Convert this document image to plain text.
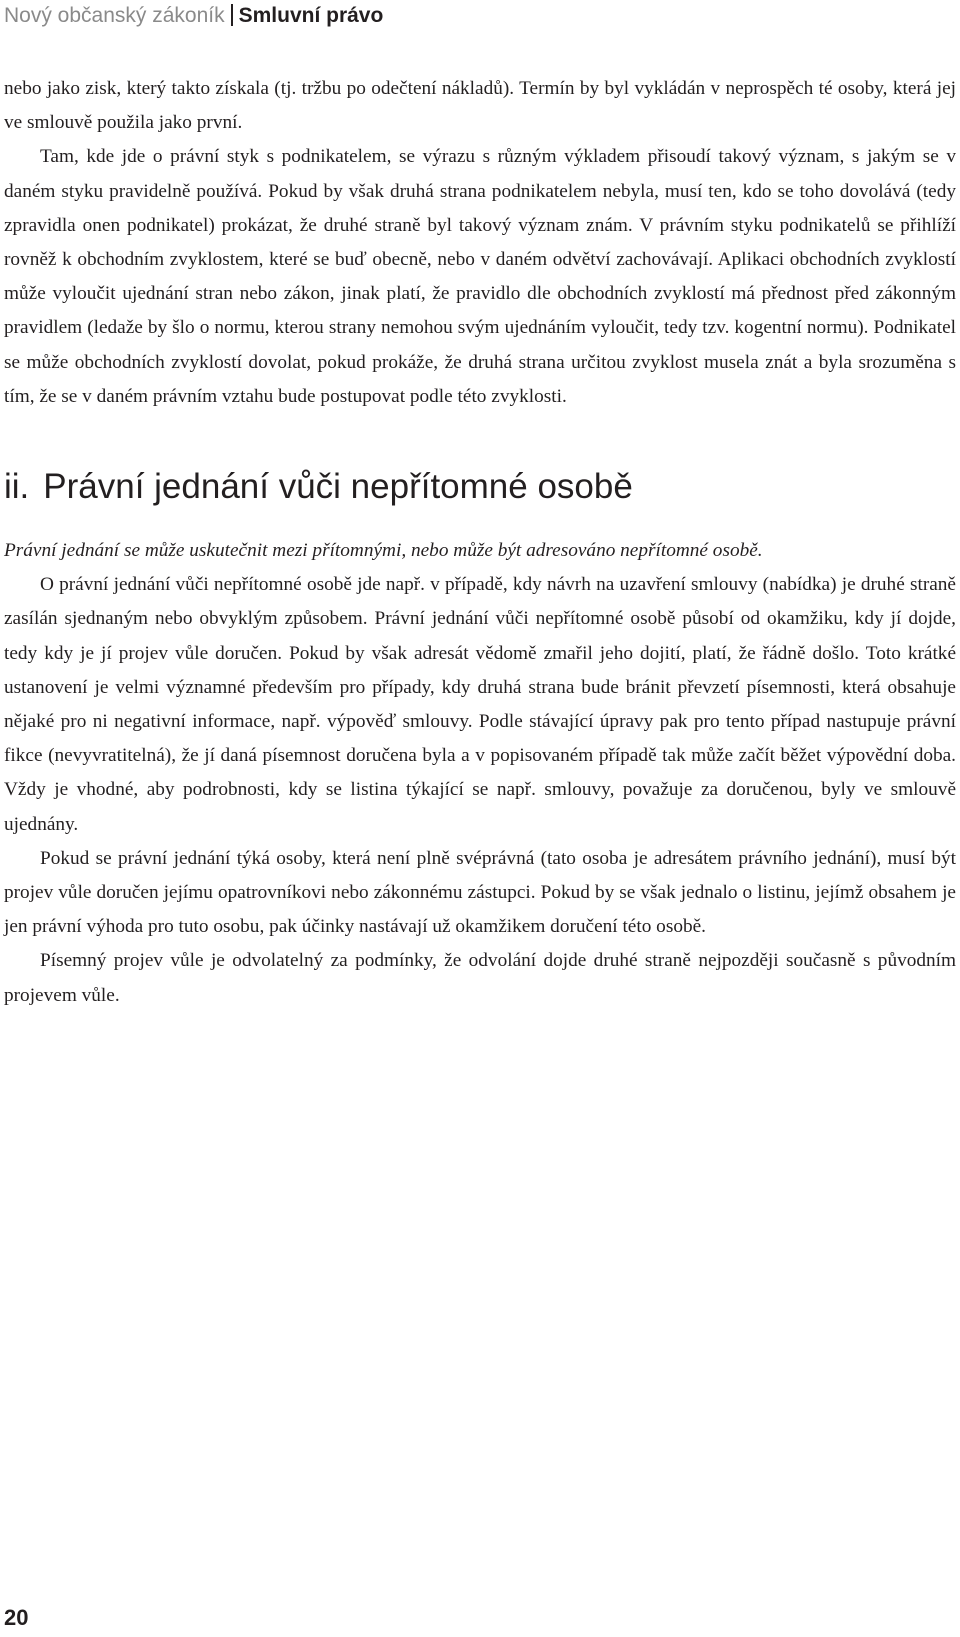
Nový občanský zákoník Smluvní právo

nebo jako zisk, který takto získala (tj. tržbu po odečtení nákladů). Termín by byl vykládán v neprospěch té osoby, která jej ve smlouvě použila jako první.

Tam, kde jde o právní styk s podnikatelem, se výrazu s různým výkladem přisoudí takový význam, s jakým se v daném styku pravidelně používá. Pokud by však druhá strana podnikatelem nebyla, musí ten, kdo se toho dovolává (tedy zpravidla onen podnikatel) prokázat, že druhé straně byl takový význam znám. V právním styku podnikatelů se přihlíží rovněž k obchodním zvyklostem, které se buď obecně, nebo v daném odvětví zachovávají. Aplikaci obchodních zvyklostí může vyloučit ujednání stran nebo zákon, jinak platí, že pravidlo dle obchodních zvyklostí má přednost před zákonným pravidlem (ledaže by šlo o normu, kterou strany nemohou svým ujednáním vyloučit, tedy tzv. kogentní normu). Podnikatel se může obchodních zvyklostí dovolat, pokud prokáže, že druhá strana určitou zvyklost musela znát a byla srozuměna s tím, že se v daném právním vztahu bude postupovat podle této zvyklosti.

ii. Právní jednání vůči nepřítomné osobě

Právní jednání se může uskutečnit mezi přítomnými, nebo může být adresováno nepřítomné osobě.

O právní jednání vůči nepřítomné osobě jde např. v případě, kdy návrh na uzavření smlouvy (nabídka) je druhé straně zasílán sjednaným nebo obvyklým způsobem. Právní jednání vůči nepřítomné osobě působí od okamžiku, kdy jí dojde, tedy kdy je jí projev vůle doručen. Pokud by však adresát vědomě zmařil jeho dojití, platí, že řádně došlo. Toto krátké ustanovení je velmi významné především pro případy, kdy druhá strana bude bránit převzetí písemnosti, která obsahuje nějaké pro ni negativní informace, např. výpověď smlouvy. Podle stávající úpravy pak pro tento případ nastupuje právní fikce (nevyvratitelná), že jí daná písemnost doručena byla a v popisovaném případě tak může začít běžet výpovědní doba. Vždy je vhodné, aby podrobnosti, kdy se listina týkající se např. smlouvy, považuje za doručenou, byly ve smlouvě ujednány.

Pokud se právní jednání týká osoby, která není plně svéprávná (tato osoba je adresátem právního jednání), musí být projev vůle doručen jejímu opatrovníkovi nebo zákonnému zástupci. Pokud by se však jednalo o listinu, jejímž obsahem je jen právní výhoda pro tuto osobu, pak účinky nastávají už okamžikem doručení této osobě.

Písemný projev vůle je odvolatelný za podmínky, že odvolání dojde druhé straně nejpozději současně s původním projevem vůle.

20
